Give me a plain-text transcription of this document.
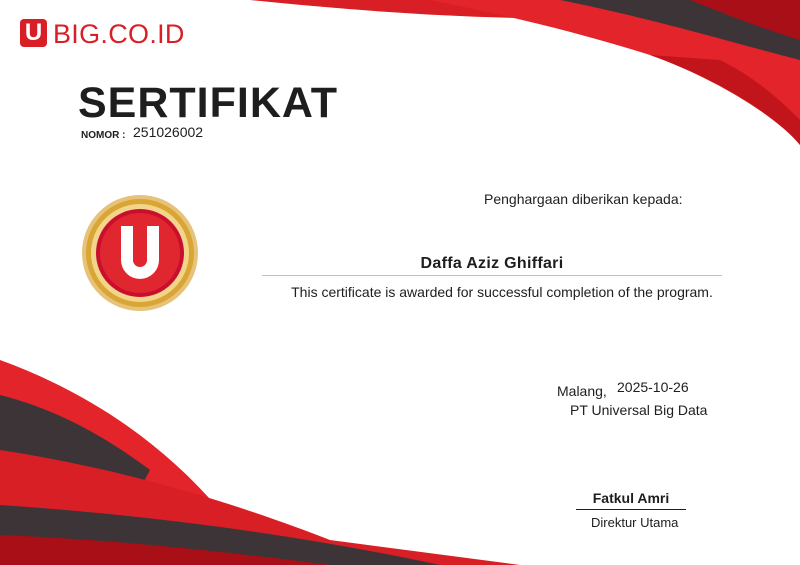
U BIG.CO.ID
SERTIFIKAT
NOMOR : 251026002
Penghargaan diberikan kepada:
Daffa Aziz Ghiffari
This certificate is awarded for successful completion of the program.
Malang, 2025-10-26
PT Universal Big Data
Fatkul Amri
Direktur Utama
